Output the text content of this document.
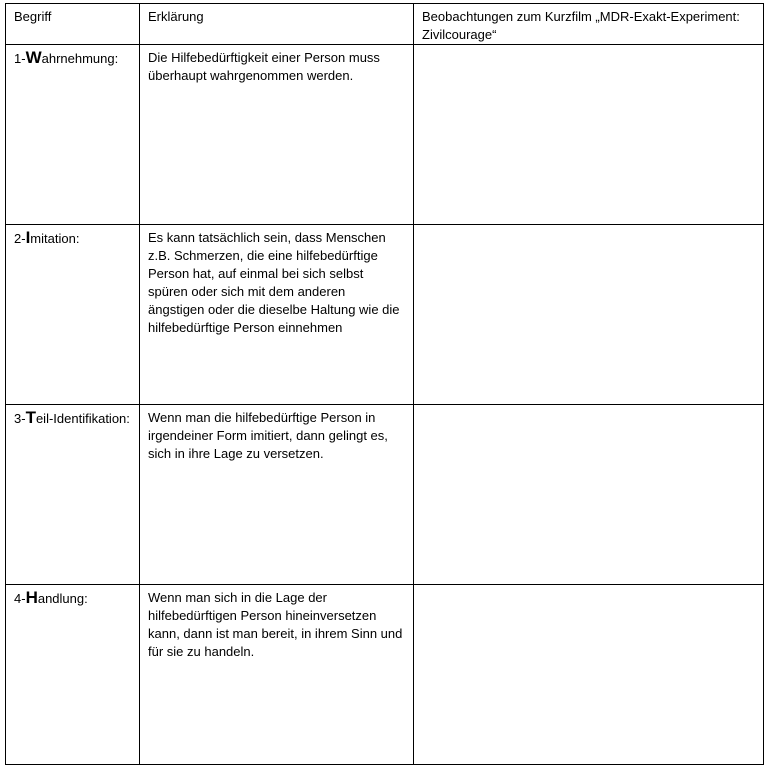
Begriff	Erklärung	Beobachtungen zum Kurzfilm „MDR-Exakt-Experiment: Zivilcourage“
1-Wahrnehmung:	Die Hilfebedürftigkeit einer Person muss überhaupt wahrgenommen werden.	
2-Imitation:	Es kann tatsächlich sein, dass Menschen z.B. Schmerzen, die eine hilfebedürftige Person hat, auf einmal bei sich selbst spüren oder sich mit dem anderen ängstigen oder die dieselbe Haltung wie die hilfebedürftige Person einnehmen	
3-Teil-Identifikation:	Wenn man die hilfebedürftige Person in irgendeiner Form imitiert, dann gelingt es, sich in ihre Lage zu versetzen.	
4-Handlung:	Wenn man sich in die Lage der hilfebedürftigen Person hineinversetzen kann, dann ist man bereit, in ihrem Sinn und für sie zu handeln.	
